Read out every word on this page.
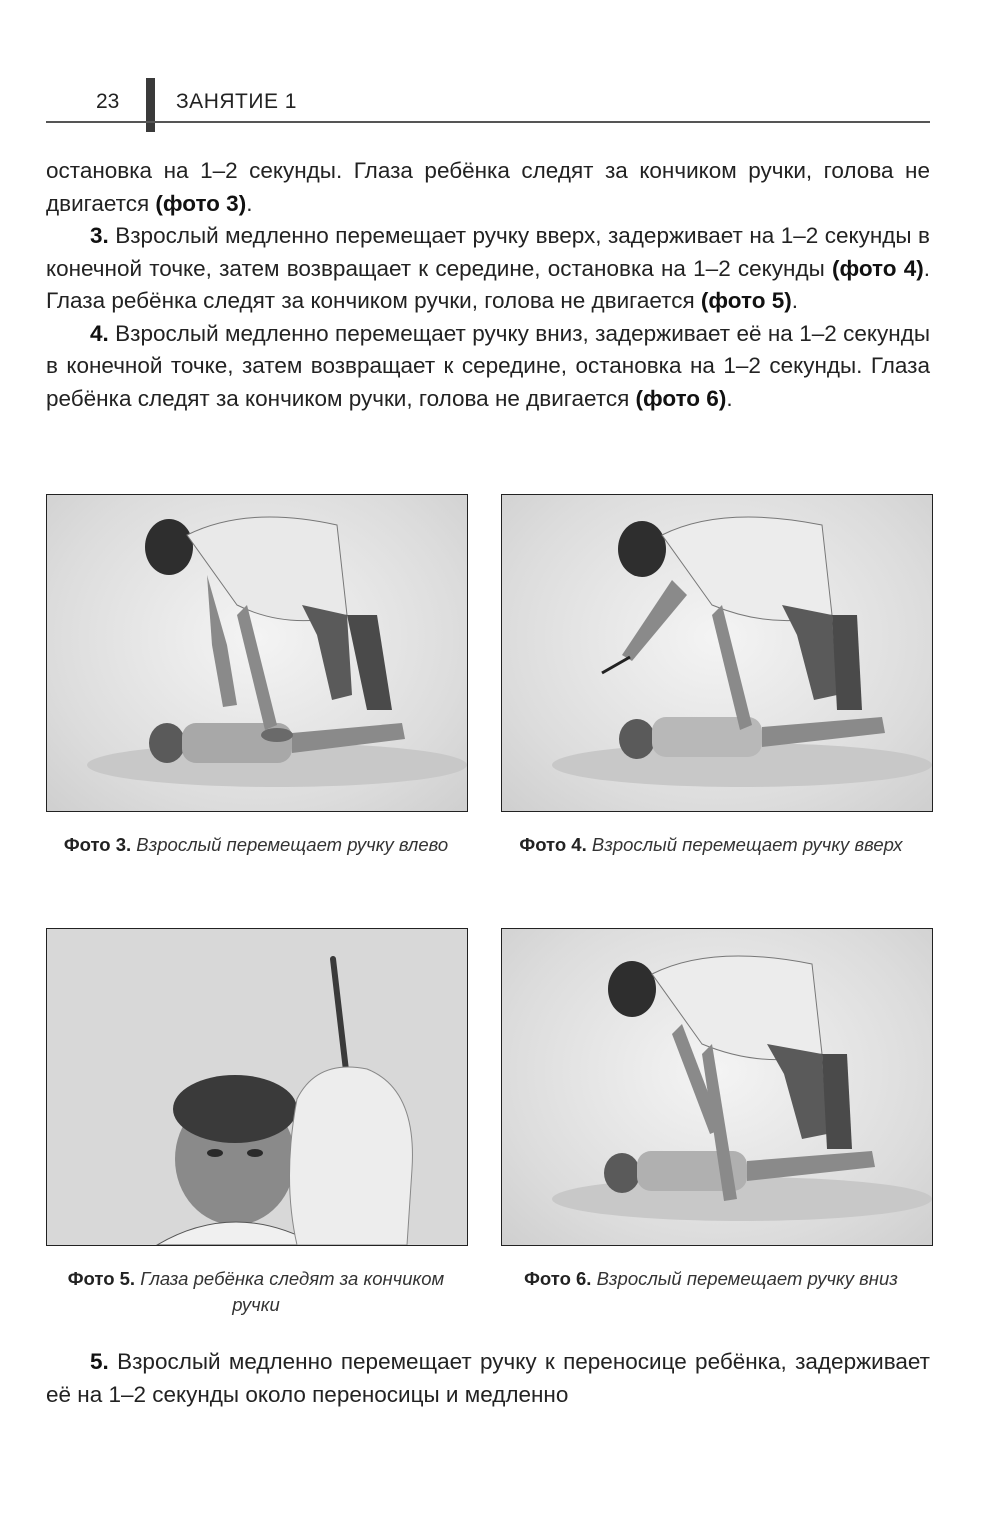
23	ЗАНЯТИЕ 1

остановка на 1–2 секунды. Глаза ребёнка следят за кончиком ручки, голова не двигается (фото 3).

3. Взрослый медленно перемещает ручку вверх, задерживает на 1–2 секунды в конечной точке, затем возвращает к середине, остановка на 1–2 секунды (фото 4). Глаза ребёнка следят за кончиком ручки, голова не двигается (фото 5).

4. Взрослый медленно перемещает ручку вниз, задерживает её на 1–2 секунды в конечной точке, затем возвращает к середине, остановка на 1–2 секунды. Глаза ребёнка следят за кончиком ручки, голова не двигается (фото 6).

Фото 3. Взрослый перемещает ручку влево	Фото 4. Взрослый перемещает ручку вверх
Фото 5. Глаза ребёнка следят за кончиком ручки
Фото 6. Взрослый перемещает ручку вниз

5. Взрослый медленно перемещает ручку к переносице ребёнка, задерживает её на 1–2 секунды около переносицы и медленно
